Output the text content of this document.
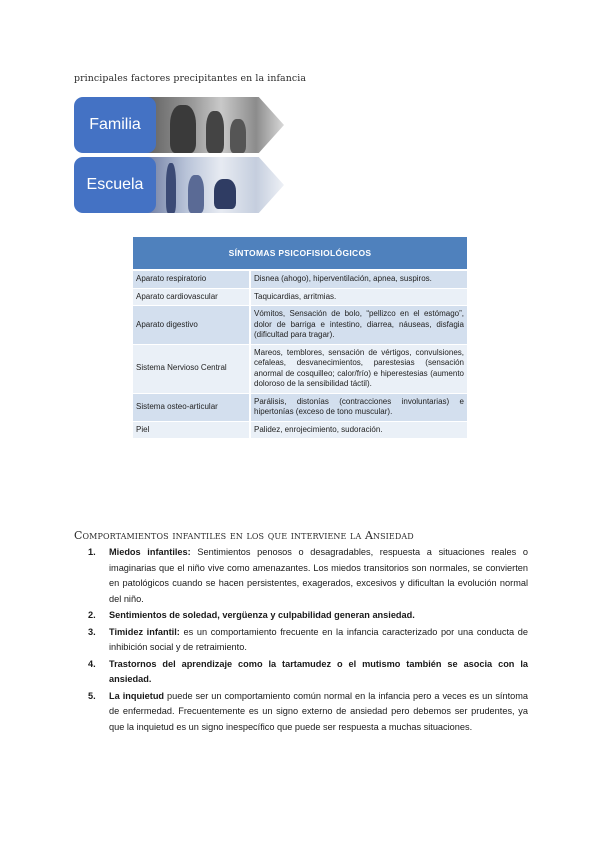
principales factores precipitantes en la infancia
Familia
Escuela
SÍNTOMAS PSICOFISIOLÓGICOS	
Aparato respiratorio	Disnea (ahogo), hiperventilación, apnea, suspiros.
Aparato cardiovascular	Taquicardias, arritmias.
Aparato digestivo	Vómitos, Sensación de bolo, “pellizco en el estómago”, dolor de barriga e intestino, diarrea, náuseas, disfagia (dificultad para tragar).
Sistema Nervioso Central	Mareos, temblores, sensación de vértigos, convulsiones, cefaleas, desvanecimientos, parestesias (sensación anormal de cosquilleo; calor/frío) e hiperestesias (aumento doloroso de la sensibilidad táctil).
Sistema osteo-articular	Parálisis, distonías (contracciones involuntarias) e hipertonías (exceso de tono muscular).
Piel	Palidez, enrojecimiento, sudoración.
Comportamientos infantiles en los que interviene la Ansiedad
1. Miedos infantiles: Sentimientos penosos o desagradables, respuesta a situaciones reales o imaginarias que el niño vive como amenazantes. Los miedos transitorios son normales, se convierten en patológicos cuando se hacen persistentes, exagerados, excesivos y dificultan la evolución normal del niño.
2. Sentimientos de soledad, vergüenza y culpabilidad generan ansiedad.
3. Timidez infantil: es un comportamiento frecuente en la infancia caracterizado por una conducta de inhibición social y de retraimiento.
4. Trastornos del aprendizaje como la tartamudez o el mutismo también se asocia con la ansiedad.
5. La inquietud puede ser un comportamiento común normal en la infancia pero a veces es un síntoma de enfermedad. Frecuentemente es un signo externo de ansiedad pero debemos ser prudentes, ya que la inquietud es un signo inespecífico que puede ser respuesta a muchas situaciones.
